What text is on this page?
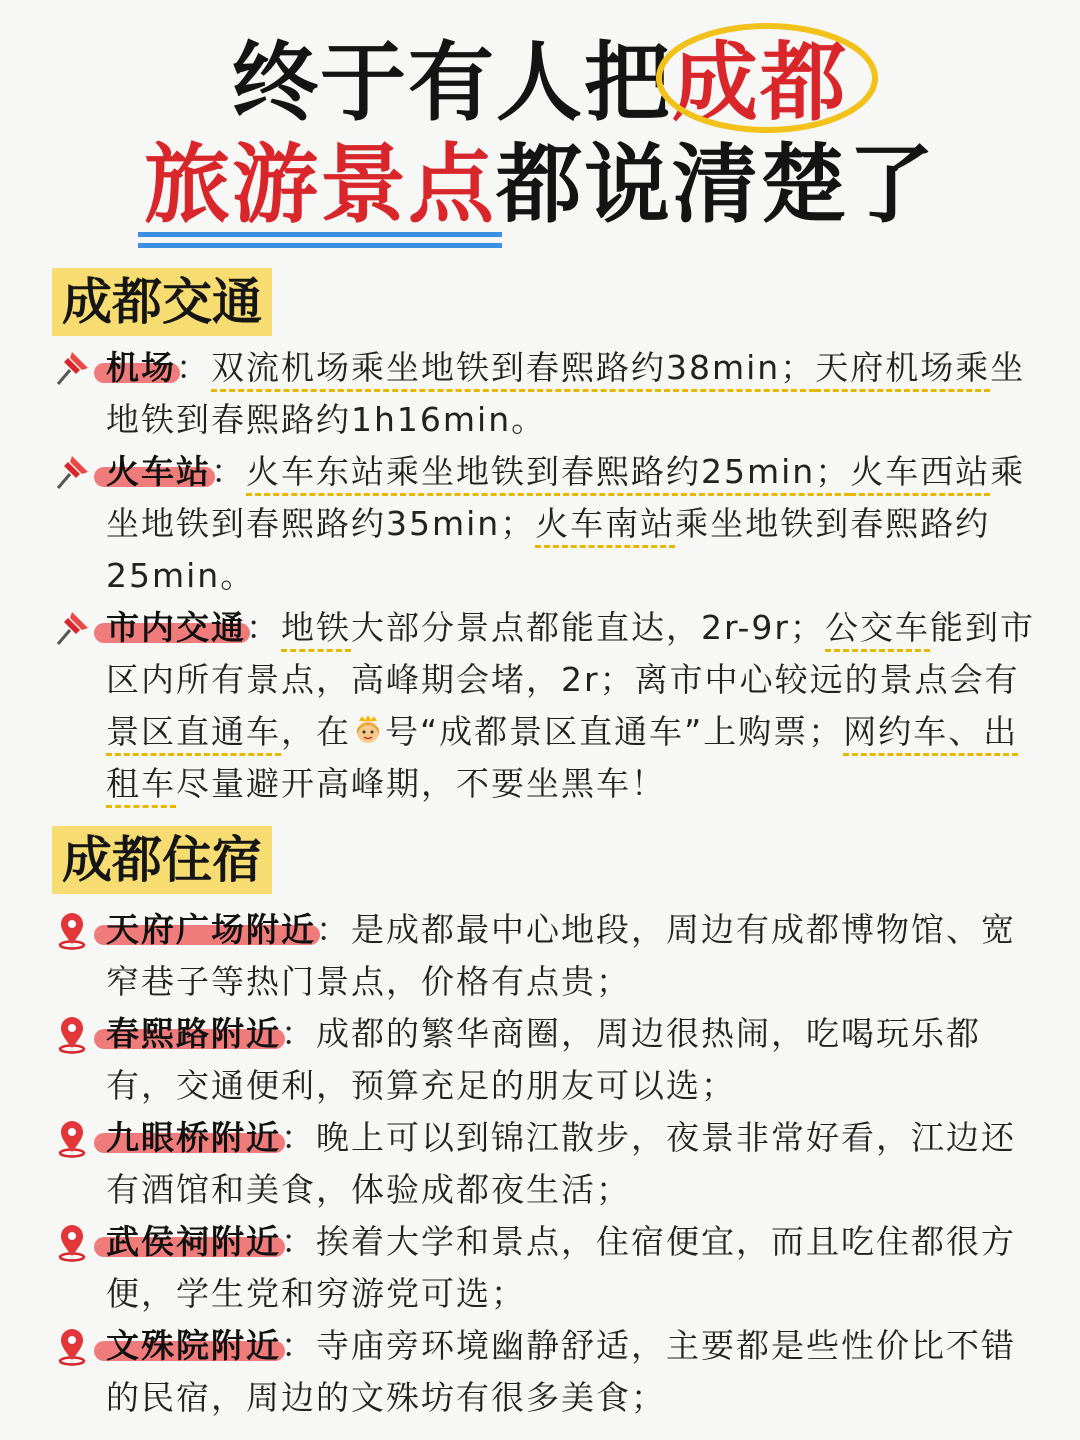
终于有人把成都
旅游景点
都说清楚了
成都交通
机场：双流机场乘坐地铁到春熙路约38min；天府机场乘坐地铁到春熙路约1h16min。
火车站：火车东站乘坐地铁到春熙路约25min；火车西站乘坐地铁到春熙路约35min；火车南站乘坐地铁到春熙路约25min。
市内交通：地铁大部分景点都能直达，2r-9r；公交车能到市区内所有景点，高峰期会堵，2r；离市中心较远的景点会有景区直通车，在 号“成都景区直通车”上购票；网约车、出租车尽量避开高峰期，不要坐黑车！
成都住宿
天府广场附近：是成都最中心地段，周边有成都博物馆、宽窄巷子等热门景点，价格有点贵；
春熙路附近：成都的繁华商圈，周边很热闹，吃喝玩乐都有，交通便利，预算充足的朋友可以选；
九眼桥附近：晚上可以到锦江散步，夜景非常好看，江边还有酒馆和美食，体验成都夜生活；
武侯祠附近：挨着大学和景点，住宿便宜，而且吃住都很方便，学生党和穷游党可选；
文殊院附近：寺庙旁环境幽静舒适，主要都是些性价比不错的民宿，周边的文殊坊有很多美食；
